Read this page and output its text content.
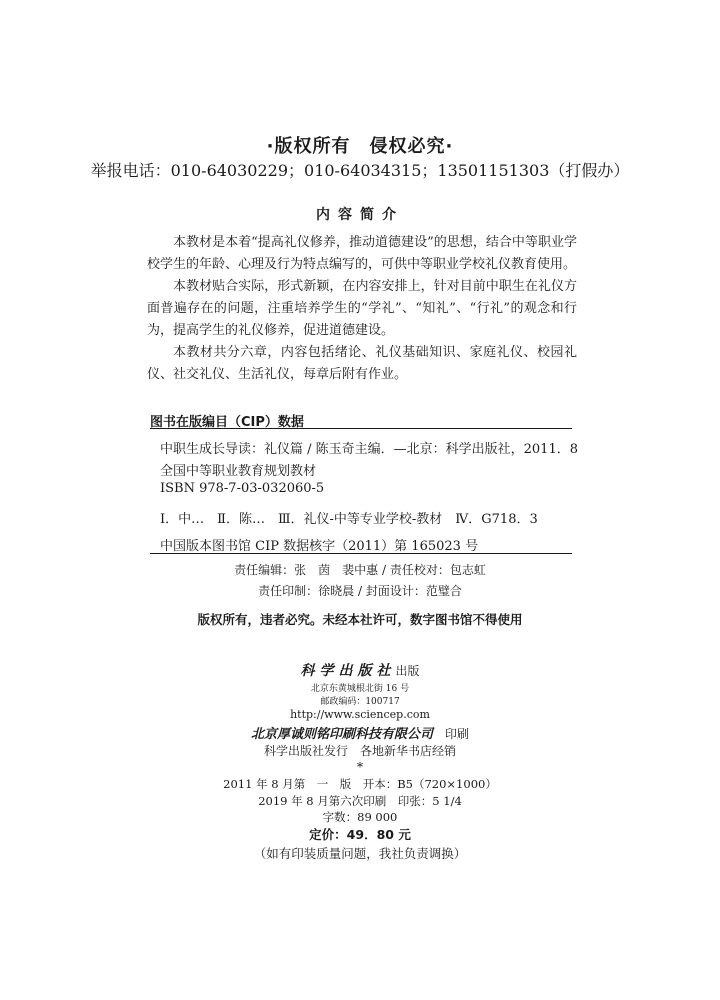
·版权所有　侵权必究·
举报电话：010-64030229；010-64034315；13501151303（打假办）
内容简介

本教材是本着“提高礼仪修养，推动道德建设”的思想，结合中等职业学校学生的年龄、心理及行为特点编写的，可供中等职业学校礼仪教育使用。

本教材贴合实际，形式新颖，在内容安排上，针对目前中职生在礼仪方面普遍存在的问题，注重培养学生的“学礼”、“知礼”、“行礼”的观念和行为，提高学生的礼仪修养，促进道德建设。

本教材共分六章，内容包括绪论、礼仪基础知识、家庭礼仪、校园礼仪、社交礼仪、生活礼仪，每章后附有作业。

图书在版编目（CIP）数据
中职生成长导读：礼仪篇 / 陈玉奇主编．—北京：科学出版社，2011．8
全国中等职业教育规划教材
ISBN 978-7-03-032060-5
Ⅰ．中…　Ⅱ．陈…　Ⅲ．礼仪-中等专业学校-教材　Ⅳ．G718．3
中国版本图书馆 CIP 数据核字（2011）第 165023 号
责任编辑：张　茵　裴中惠 / 责任校对：包志虹
责任印制：徐晓晨 / 封面设计：范璧合
版权所有，违者必究。未经本社许可，数字图书馆不得使用
科学出版社出版
北京东黄城根北街 16 号
邮政编码：100717
http://www.sciencep.com
北京厚诚则铭印刷科技有限公司　 印刷
科学出版社发行　各地新华书店经销
*
2011 年 8 月第　一　版　开本：B5（720×1000）
2019 年 8 月第六次印刷　印张：5 1/4
字数：89 000
定价：49．80 元
（如有印装质量问题，我社负责调换）
